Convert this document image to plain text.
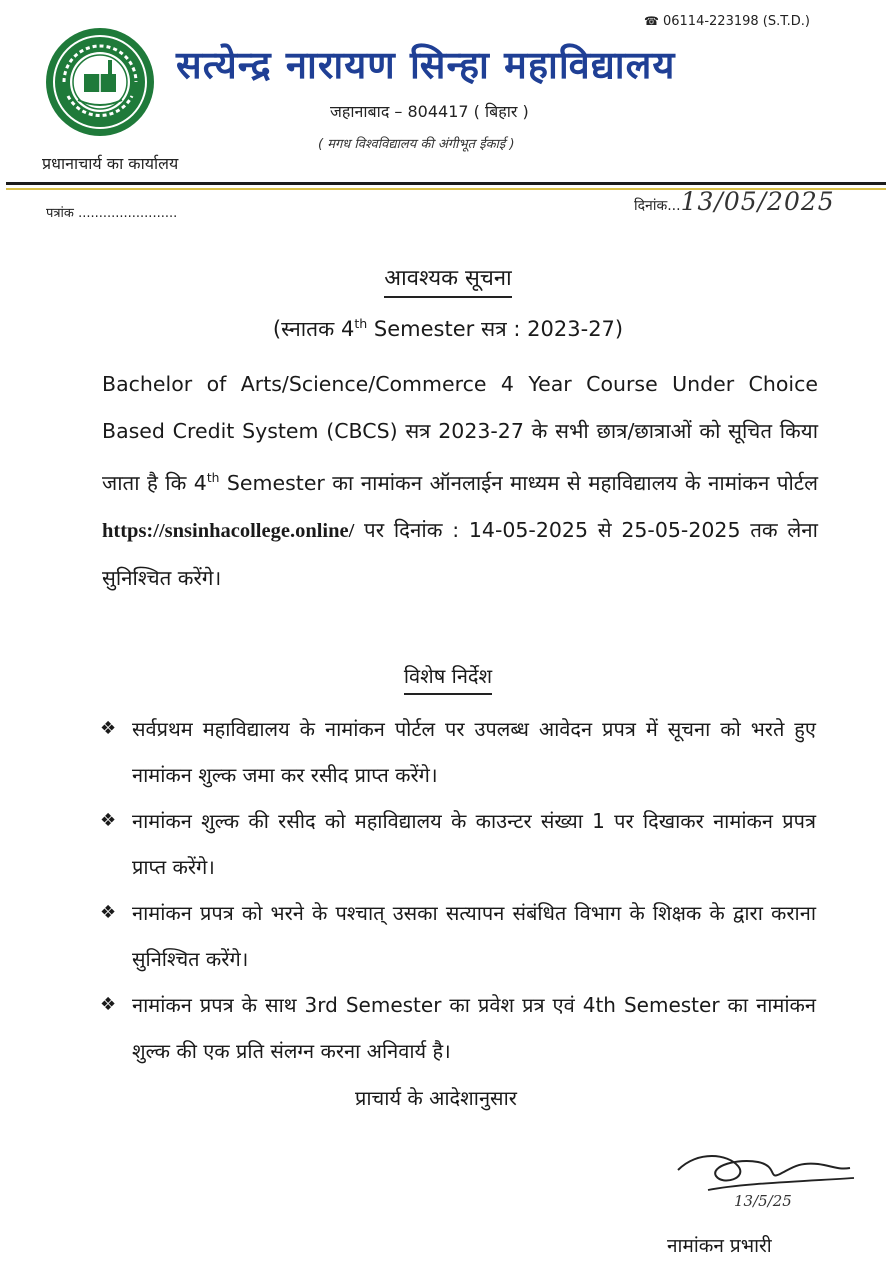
☎ 06114-223198 (S.T.D.)
सत्येन्द्र नारायण सिन्हा महाविद्यालय
जहानाबाद – 804417 ( बिहार )
( मगध विश्वविद्यालय की अंगीभूत ईकाई )
प्रधानाचार्य का कार्यालय
पत्रांक ........................	दिनांक...13/05/2025
आवश्यक सूचना
(स्नातक 4th Semester सत्र : 2023-27)
Bachelor of Arts/Science/Commerce 4 Year Course Under Choice Based Credit System (CBCS) सत्र 2023-27 के सभी छात्र/छात्राओं को सूचित किया जाता है कि 4th Semester का नामांकन ऑनलाईन माध्यम से महाविद्यालय के नामांकन पोर्टल https://snsinhacollege.online/ पर दिनांक : 14-05-2025 से 25-05-2025 तक लेना सुनिश्चित करेंगे।
विशेष निर्देश
❖ सर्वप्रथम महाविद्यालय के नामांकन पोर्टल पर उपलब्ध आवेदन प्रपत्र में सूचना को भरते हुए नामांकन शुल्क जमा कर रसीद प्राप्त करेंगे।
❖ नामांकन शुल्क की रसीद को महाविद्यालय के काउन्टर संख्या 1 पर दिखाकर नामांकन प्रपत्र प्राप्त करेंगे।
❖ नामांकन प्रपत्र को भरने के पश्चात् उसका सत्यापन संबंधित विभाग के शिक्षक के द्वारा कराना सुनिश्चित करेंगे।
❖ नामांकन प्रपत्र के साथ 3rd Semester का प्रवेश प्रत्र एवं 4th Semester का नामांकन शुल्क की एक प्रति संलग्न करना अनिवार्य है।
प्राचार्य के आदेशानुसार
13/5/25
नामांकन प्रभारी
